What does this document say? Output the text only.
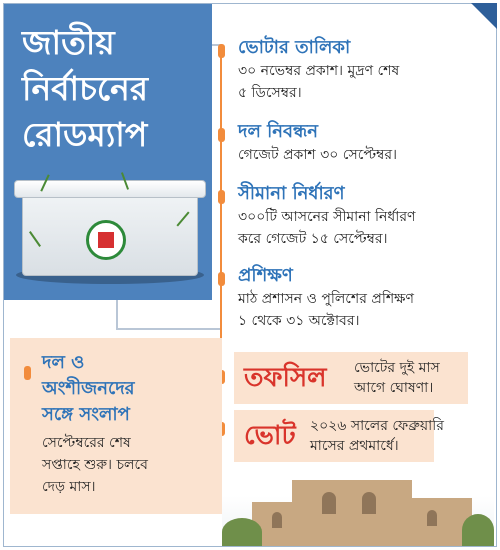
জাতীয়
নির্বাচনের
রোডম্যাপ
ভোটার তালিকা
৩০ নভেম্বর প্রকাশ। মুদ্রণ শেষ
৫ ডিসেম্বর।
দল নিবন্ধন
গেজেট প্রকাশ ৩০ সেপ্টেম্বর।
সীমানা নির্ধারণ
৩০০টি আসনের সীমানা নির্ধারণ
করে গেজেট ১৫ সেপ্টেম্বর।
প্রশিক্ষণ
মাঠ প্রশাসন ও পুলিশের প্রশিক্ষণ
১ থেকে ৩১ অক্টোবর।
তফসিল ভোটের দুই মাস
আগে ঘোষণা।
ভোট ২০২৬ সালের ফেব্রুয়ারি
মাসের প্রথমার্ধে।
দল ও
অংশীজনদের
সঙ্গে সংলাপ
সেপ্টেম্বরের শেষ
সপ্তাহে শুরু। চলবে
দেড় মাস।
